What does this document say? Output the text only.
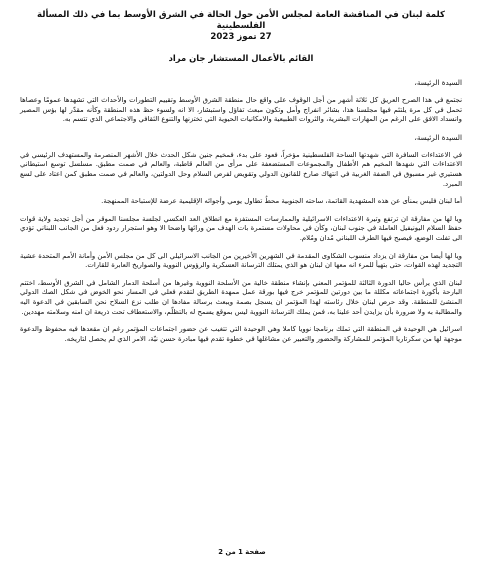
كلمة لبنان في المناقشة العامة لمجلس الأمن حول الحالة في الشرق الأوسط بما في ذلك المسألة الفلسطينية

27 تموز 2023

القائم بالأعمال المستشار جان مراد

السيدة الرئيسة،

نجتمع في هذا الصرح العريق كل ثلاثة أشهر من أجل الوقوف على واقع حال منطقة الشرق الأوسط وتقييم التطورات والأحداث التي تشهدها عمومًا وعصاها تحمل في كل مرة يلتئم فيها مجلسنا هذا، بشائر انفراج وأمل وتكون مبعث تفاؤل واستبشار، الا انه ولسوء حظ هذه المنطقة وكأنه مقدّر لها بؤس المصير وانسداد الافق على الرغم من المهارات البشرية، والثروات الطبيعية والامكانيات الحيوية التي تختزنها والتنوع الثقافي والاجتماعي الذي تتسم به.

السيدة الرئيسة،

في الاعتداءات السافرة التي شهدتها الساحة الفلسطينية مؤخراً، فعود على بدء، فمخيم جنين شكل الحدث خلال الأشهر المنصرمة والمستهدف الرئيسي في الاعتداءات التي شهدها المخيم هم الأطفال والمجموعات المستضعفة على مرأى من العالم قاطبة، والعالم في صمت مطبق. مسلسل توسع استيطاني هستيري غير مسبوق في الضفة الغربية في انتهاك صارخ للقانون الدولي وتقويض لفرص السلام وحل الدولتين، والعالم في صمت مطبق كمن اعتاد على لسع المبرد.

أما لبنان فليس بمنأى عن هذه المشهدية القاتمة، ساحته الجنوبية محطٌ تطاول يومي وأجوائه الإقليمية عرضة للإستباحة الممنهجة.

ويا لها من مفارقة ان ترتفع وتيرة الاعتداءات الاسرائيلية والممارسات المستفزة مع انطلاق العد العكسي لجلسة مجلسنا الموقر من أجل تجديد ولاية قوات حفظ السلام اليونيفيل العاملة في جنوب لبنان، وكأن في محاولات مستمرة بات الهدف من ورائها واضحا الا وهو استجرار ردود فعل من الجانب اللبناني تؤدي الى تفلت الوضع، فيصبح فيها الطرف اللبناني مُدان ومُلام.

ويا لها أيضا من مفارقة ان يزداد منسوب الشكاوى المقدمة في الشهرين الأخيرين من الجانب الاسرائيلي الى كل من مجلس الأمن وأمانة الأمم المتحدة عشية التجديد لهذه القوات، حتى بتهيأ للمرء انه معها ان لبنان هو الذي يمتلك الترسانة العسكرية والرؤوس النووية والصواريخ العابرة للقارات.

لبنان الذي يرأس حاليا الدورة الثالثة للمؤتمر المعني بإنشاء منطقة خالية من الأسلحة النووية وغيرها من أسلحة الدمار الشامل في الشرق الأوسط، اختتم البارحة بأكورة اجتماعاته مكللة ما بين دورتين للمؤتمر خرج فيها بورقة عمل ممهدة الطريق لتقدم فعلي في المسار نحو الخوض في شكل الصك الدولي المنشئ للمنطقة. وقد حرص لبنان خلال رئاسته لهذا المؤتمر ان يسجل بصمة ويبعث برسالة مفادها ان طلب نزع السلاح نحن السابقين في الدعوة اليه والمطالبة به ولا ضرورة بأن يزايدن أحد علينا به، فمن يملك الترسانة النووية ليس بموقع يسمح له بالتظلّم، والاستعطاف تحت ذريعة ان امنه وسلامته مهددين.

اسرائيل هي الوحيدة في المنطقة التي تملك برنامجا نوويا كاملا وهي الوحيدة التي تتغيب عن حضور اجتماعات المؤتمر رغم ان مقعدها فيه محفوظ والدعوة موجهة لها من سكرتاريا المؤتمر للمشاركة والحضور والتعبير عن مشاغلها في خطوة تقدم فيها مبادرة حسن نيّة، الامر الذي لم يحصل لتاريخه.

صفحة 1 من 2
